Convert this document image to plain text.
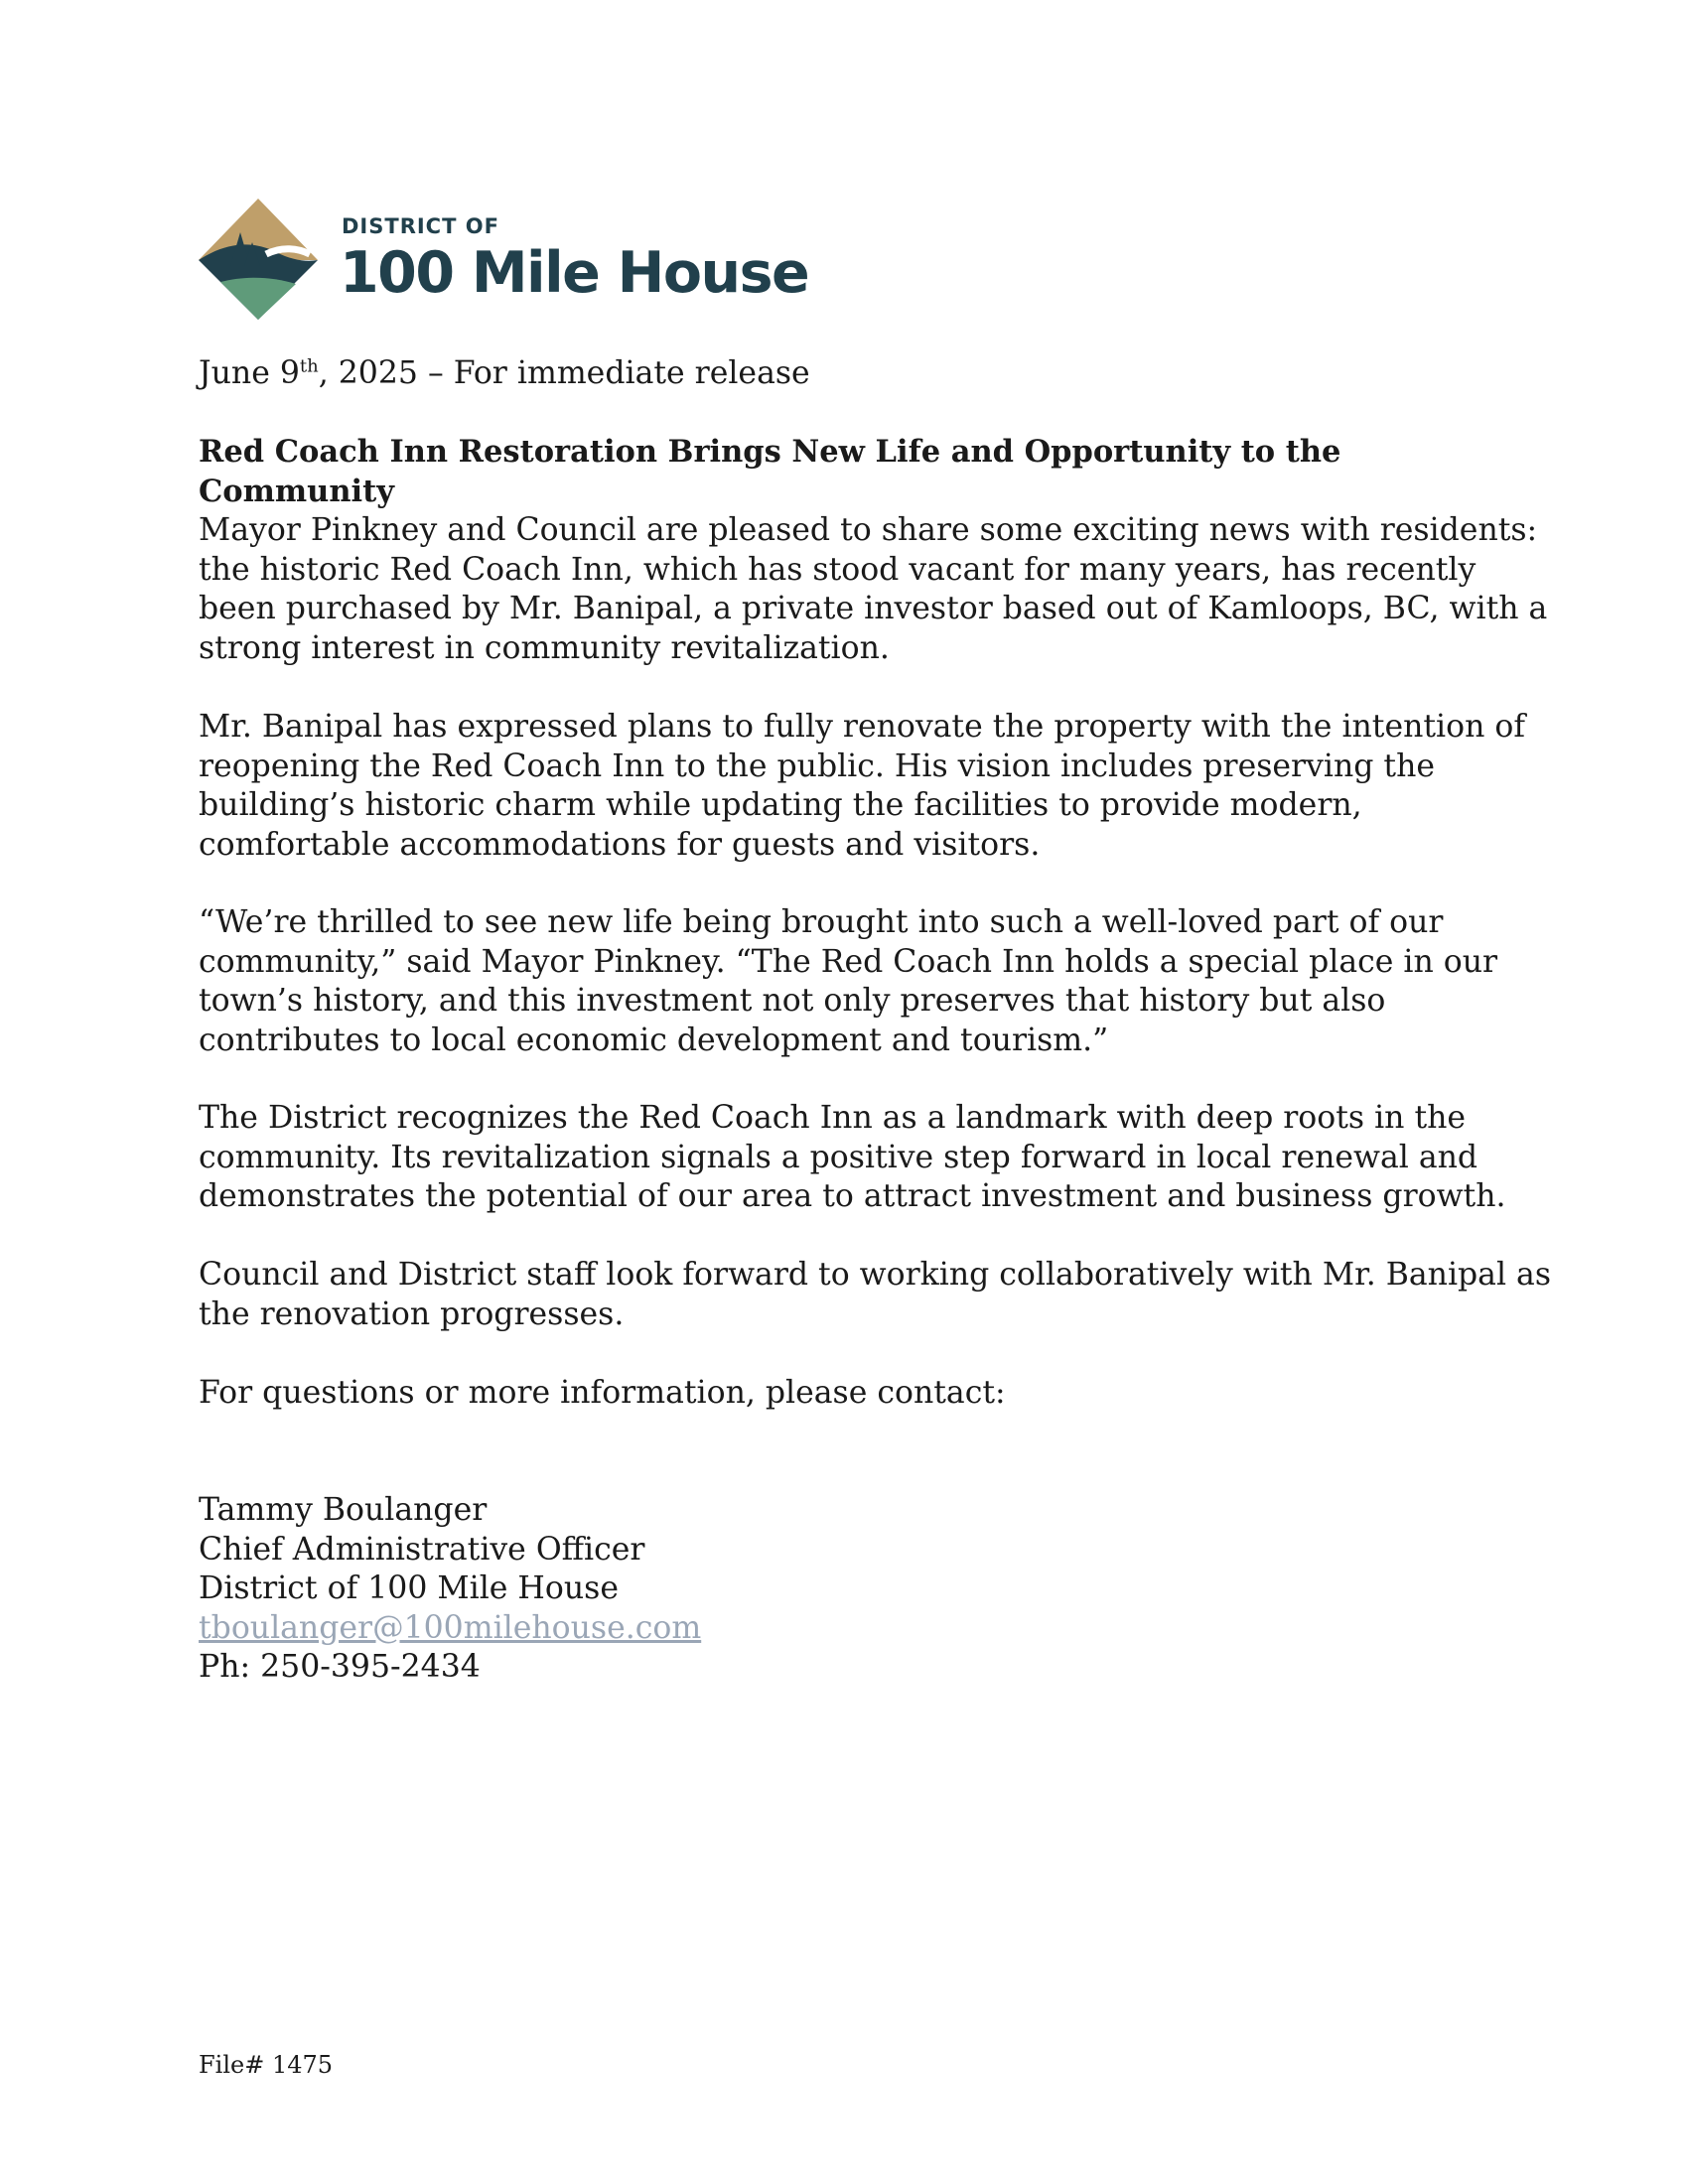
DISTRICT OF
100 Mile House
June 9th, 2025 – For immediate release
Red Coach Inn Restoration Brings New Life and Opportunity to the Community
Mayor Pinkney and Council are pleased to share some exciting news with residents:
the historic Red Coach Inn, which has stood vacant for many years, has recently
been purchased by Mr. Banipal, a private investor based out of Kamloops, BC, with a
strong interest in community revitalization.
Mr. Banipal has expressed plans to fully renovate the property with the intention of
reopening the Red Coach Inn to the public. His vision includes preserving the
building’s historic charm while updating the facilities to provide modern,
comfortable accommodations for guests and visitors.
“We’re thrilled to see new life being brought into such a well-loved part of our
community,” said Mayor Pinkney. “The Red Coach Inn holds a special place in our
town’s history, and this investment not only preserves that history but also
contributes to local economic development and tourism.”
The District recognizes the Red Coach Inn as a landmark with deep roots in the
community. Its revitalization signals a positive step forward in local renewal and
demonstrates the potential of our area to attract investment and business growth.
Council and District staff look forward to working collaboratively with Mr. Banipal as
the renovation progresses.
For questions or more information, please contact:
Tammy Boulanger
Chief Administrative Officer
District of 100 Mile House
tboulanger@100milehouse.com
Ph: 250-395-2434
File# 1475
